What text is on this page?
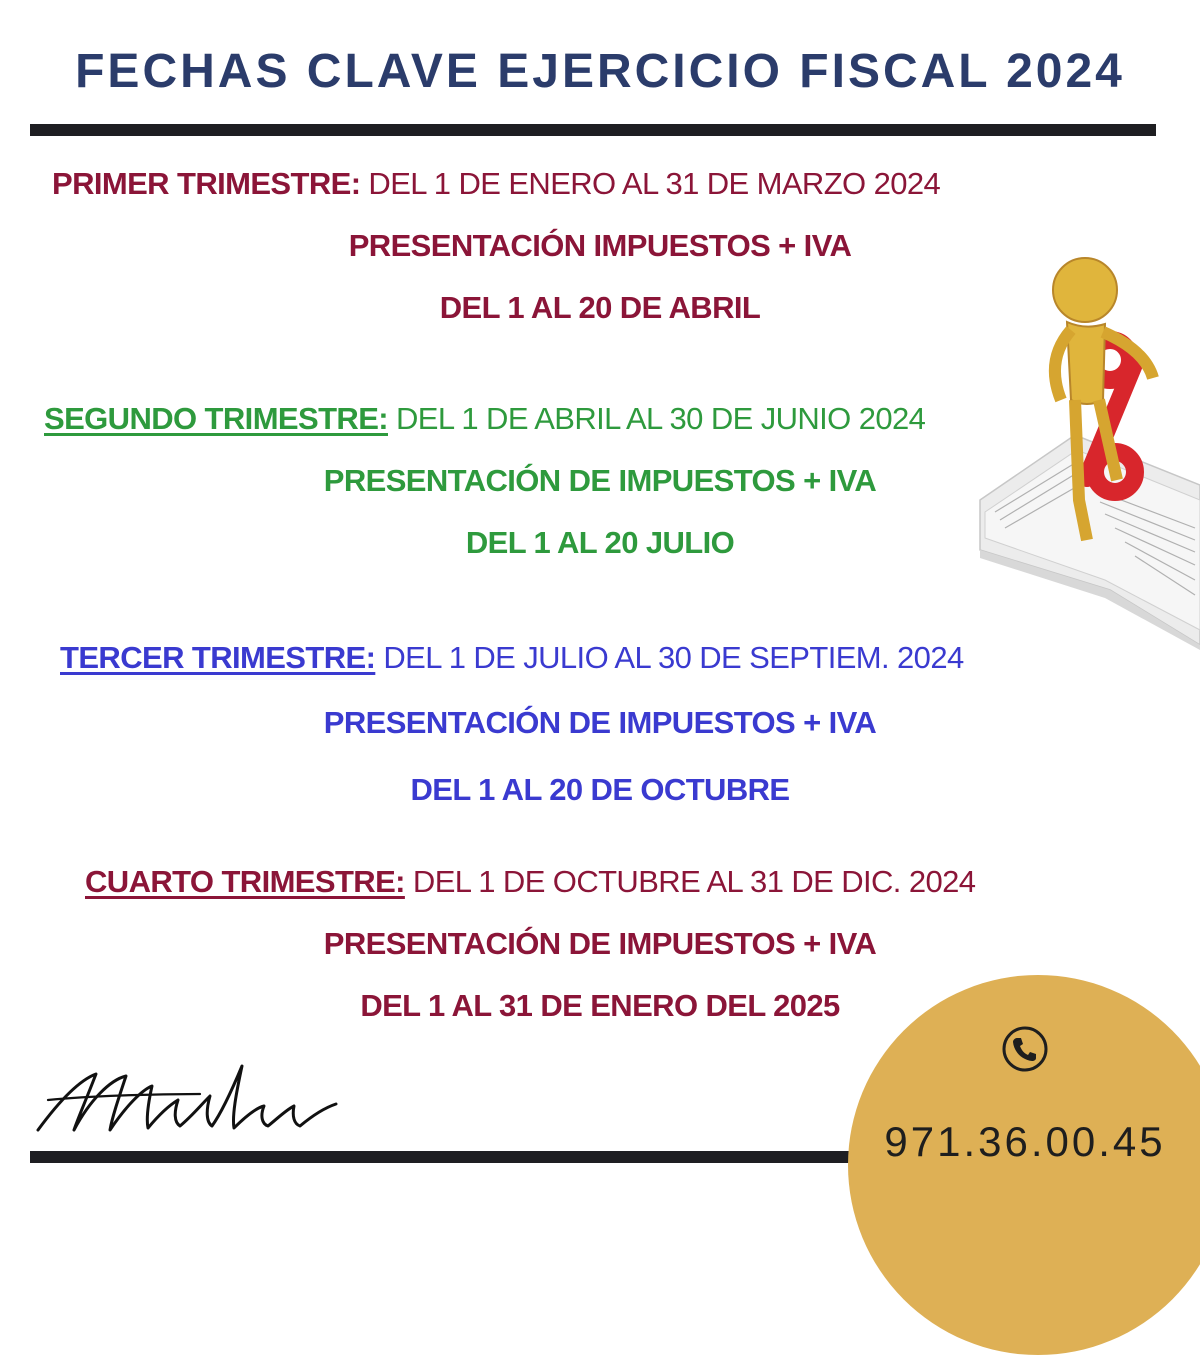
FECHAS CLAVE EJERCICIO FISCAL 2024
PRIMER TRIMESTRE: DEL 1 DE ENERO AL 31 DE MARZO 2024
PRESENTACIÓN IMPUESTOS + IVA
DEL 1 AL 20 DE ABRIL
SEGUNDO TRIMESTRE: DEL 1 DE ABRIL AL 30 DE JUNIO 2024
PRESENTACIÓN DE IMPUESTOS + IVA
DEL 1 AL 20 JULIO
TERCER TRIMESTRE: DEL 1 DE JULIO AL 30 DE SEPTIEM. 2024
PRESENTACIÓN DE IMPUESTOS + IVA
DEL 1 AL 20 DE OCTUBRE
CUARTO TRIMESTRE: DEL 1 DE OCTUBRE AL 31 DE DIC. 2024
PRESENTACIÓN DE IMPUESTOS + IVA
DEL 1 AL 31 DE ENERO DEL 2025
971.36.00.45
